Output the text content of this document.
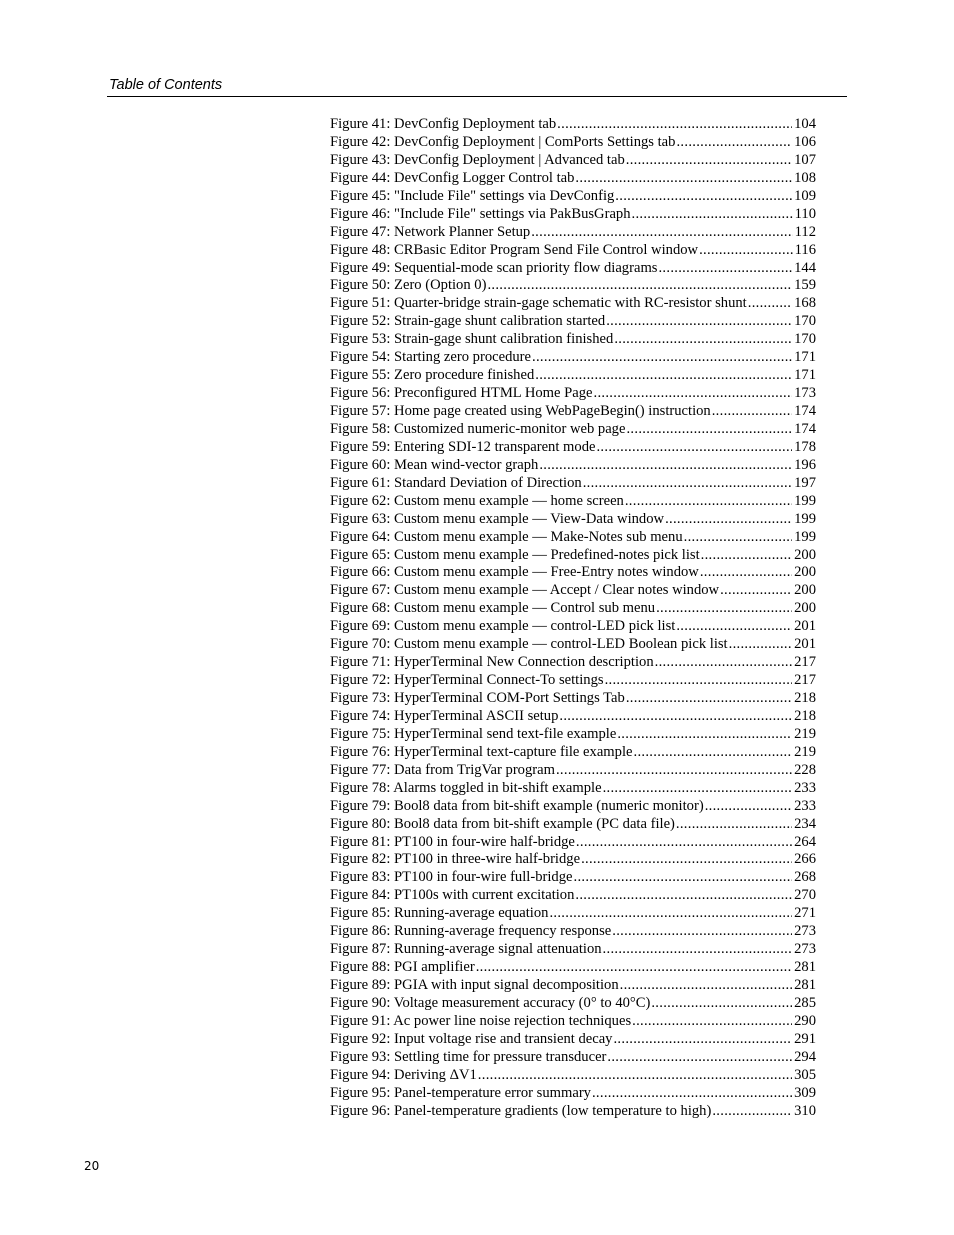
Table of Contents
Figure 41: DevConfig Deployment tab .....	104
Figure 42: DevConfig Deployment | ComPorts Settings tab .....	106
Figure 43: DevConfig Deployment | Advanced tab .....	107
Figure 44: DevConfig Logger Control tab .....	108
Figure 45: "Include File" settings via DevConfig .....	109
Figure 46: "Include File" settings via PakBusGraph .....	110
Figure 47: Network Planner Setup .....	112
Figure 48: CRBasic Editor Program Send File Control window .....	116
Figure 49: Sequential-mode scan priority flow diagrams .....	144
Figure 50: Zero (Option 0) .....	159
Figure 51: Quarter-bridge strain-gage schematic with RC-resistor shunt .....	168
Figure 52: Strain-gage shunt calibration started .....	170
Figure 53: Strain-gage shunt calibration finished .....	170
Figure 54: Starting zero procedure .....	171
Figure 55: Zero procedure finished .....	171
Figure 56: Preconfigured HTML Home Page .....	173
Figure 57: Home page created using WebPageBegin() instruction .....	174
Figure 58: Customized numeric-monitor web page .....	174
Figure 59: Entering SDI-12 transparent mode .....	178
Figure 60: Mean wind-vector graph .....	196
Figure 61: Standard Deviation of Direction .....	197
Figure 62: Custom menu example — home screen .....	199
Figure 63: Custom menu example — View-Data window .....	199
Figure 64: Custom menu example — Make-Notes sub menu .....	199
Figure 65: Custom menu example — Predefined-notes pick list .....	200
Figure 66: Custom menu example — Free-Entry notes window .....	200
Figure 67: Custom menu example — Accept / Clear notes window .....	200
Figure 68: Custom menu example — Control sub menu .....	200
Figure 69: Custom menu example — control-LED pick list .....	201
Figure 70: Custom menu example — control-LED Boolean pick list .....	201
Figure 71: HyperTerminal New Connection description .....	217
Figure 72: HyperTerminal Connect-To settings .....	217
Figure 73: HyperTerminal COM-Port Settings Tab .....	218
Figure 74: HyperTerminal ASCII setup .....	218
Figure 75: HyperTerminal send text-file example .....	219
Figure 76: HyperTerminal text-capture file example .....	219
Figure 77: Data from TrigVar program .....	228
Figure 78: Alarms toggled in bit-shift example .....	233
Figure 79: Bool8 data from bit-shift example (numeric monitor) .....	233
Figure 80: Bool8 data from bit-shift example (PC data file) .....	234
Figure 81: PT100 in four-wire half-bridge .....	264
Figure 82: PT100 in three-wire half-bridge .....	266
Figure 83: PT100 in four-wire full-bridge .....	268
Figure 84: PT100s with current excitation .....	270
Figure 85: Running-average equation .....	271
Figure 86: Running-average frequency response .....	273
Figure 87: Running-average signal attenuation .....	273
Figure 88: PGI amplifier .....	281
Figure 89: PGIA with input signal decomposition .....	281
Figure 90: Voltage measurement accuracy (0° to 40°C) .....	285
Figure 91: Ac power line noise rejection techniques .....	290
Figure 92: Input voltage rise and transient decay .....	291
Figure 93: Settling time for pressure transducer .....	294
Figure 94: Deriving ΔV1 .....	305
Figure 95: Panel-temperature error summary .....	309
Figure 96: Panel-temperature gradients (low temperature to high) .....	310
20
